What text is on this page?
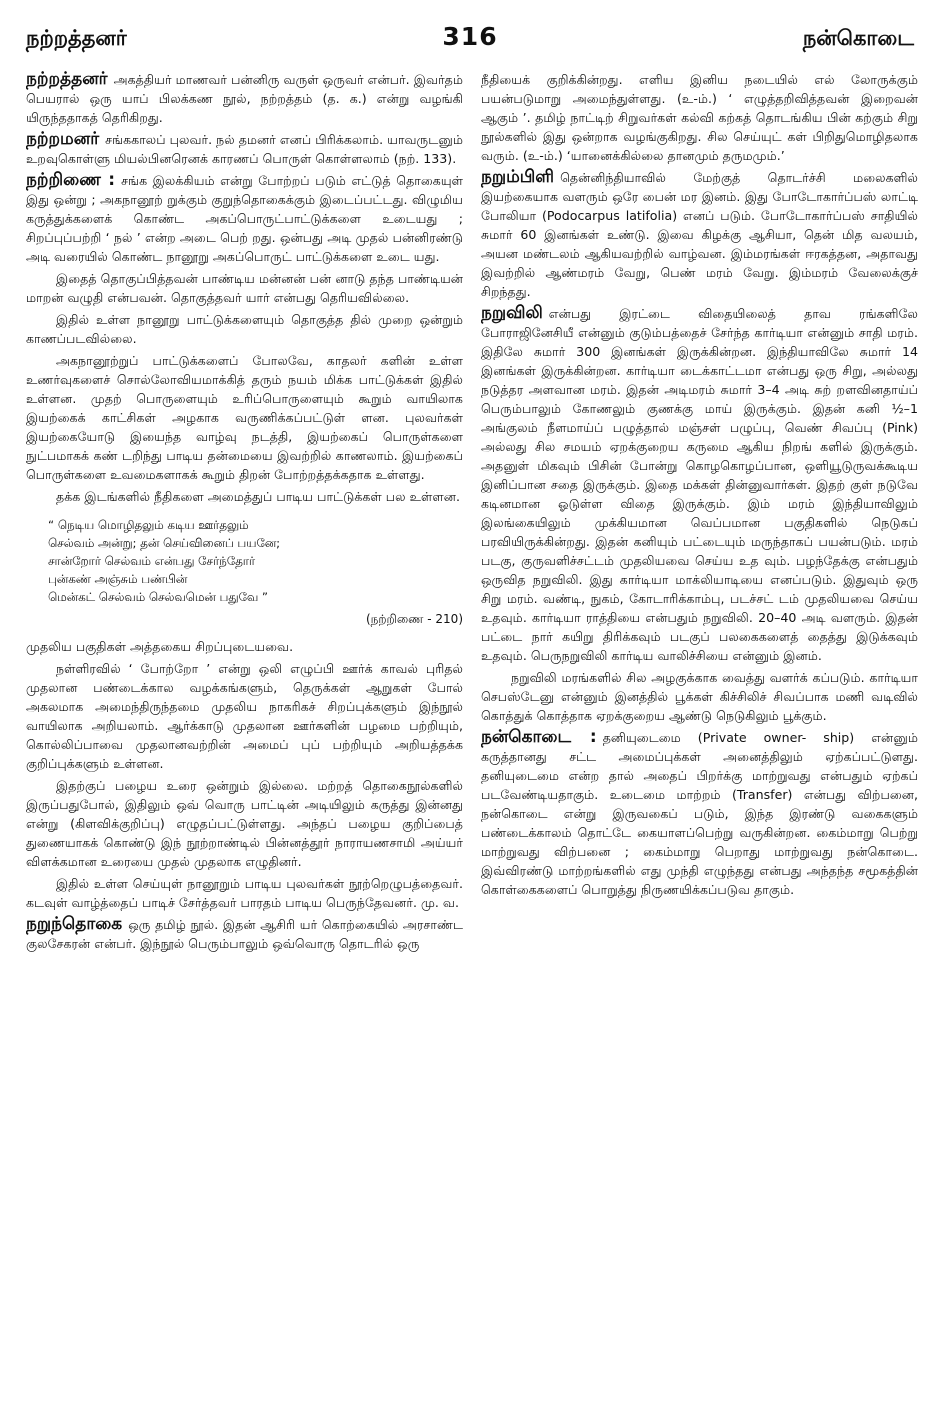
நற்றத்தனர்	316	நன்கொடை

நற்றத்தனர் அகத்தியர் மாணவர் பன்னிரு வருள் ஒருவர் என்பர். இவர்தம் பெயரால் ஒரு யாப் பிலக்கண நூல், நற்றத்தம் (த. க.) என்று வழங்கி யிருந்ததாகத் தெரிகிறது.

நற்றமனர் சங்ககாலப் புலவர். நல் தமனர் எனப் பிரிக்கலாம். யாவருடனும் உறவுகொள்ளு மியல்பினரெனக் காரணப் பொருள் கொள்ளலாம் (நற். 133).

நற்றிணை : சங்க இலக்கியம் என்று போற்றப் படும் எட்டுத் தொகையுள் இது ஒன்று ; அகநானூற் றுக்கும் குறுந்தொகைக்கும் இடைப்பட்டது. விழுமிய கருத்துக்களைக் கொண்ட அகப்பொருட்பாட்டுக்களை உடையது ; சிறப்புப்பற்றி ‘ நல் ’ என்ற அடை பெற் றது. ஒன்பது அடி முதல் பன்னிரண்டு அடி வரையில் கொண்ட நானூறு அகப்பொருட் பாட்டுக்களை உடை யது.

இதைத் தொகுப்பித்தவன் பாண்டிய மன்னன் பன் னாடு தந்த பாண்டியன் மாறன் வழுதி என்பவன். தொகுத்தவர் யார் என்பது தெரியவில்லை.

இதில் உள்ள நானூறு பாட்டுக்களையும் தொகுத்த தில் முறை ஒன்றும் காணப்படவில்லை.

அகநானூற்றுப் பாட்டுக்களைப் போலவே, காதலர் களின் உள்ள உணர்வுகளைச் சொல்லோவியமாக்கித் தரும் நயம் மிக்க பாட்டுக்கள் இதில் உள்ளன. முதற் பொருளையும் உரிப்பொருளையும் கூறும் வாயிலாக இயற்கைக் காட்சிகள் அழகாக வருணிக்கப்பட்டுள் ளன. புலவர்கள் இயற்கையோடு இயைந்த வாழ்வு நடத்தி, இயற்கைப் பொருள்களை நுட்பமாகக் கண் டறிந்து பாடிய தன்மையை இவற்றில் காணலாம். இயற்கைப் பொருள்களை உவமைகளாகக் கூறும் திறன் போற்றத்தக்கதாக உள்ளது.

தக்க இடங்களில் நீதிகளை அமைத்துப் பாடிய பாட்டுக்கள் பல உள்ளன.

“ நெடிய மொழிதலும் கடிய ஊர்தலும்
செல்வம் அன்று; தன் செய்வினைப் பயனே;
சான்றோர் செல்வம் என்பது சேர்ந்தோர்
புன்கண் அஞ்சும் பண்பின்
மென்கட் செல்வம் செல்வமென் பதுவே ”
(நற்றிணை - 210)

முதலிய பகுதிகள் அத்தகைய சிறப்புடையவை.

நள்ளிரவில் ‘ போற்றோ ’ என்று ஒலி எழுப்பி ஊர்க் காவல் புரிதல் முதலான பண்டைக்கால வழக்கங்களும், தெருக்கள் ஆறுகள் போல் அகலமாக அமைந்திருந்தமை முதலிய நாகரிகச் சிறப்புக்களும் இந்நூல் வாயிலாக அறியலாம். ஆர்க்காடு முதலான ஊர்களின் பழமை பற்றியும், கொல்லிப்பாவை முதலானவற்றின் அமைப் புப் பற்றியும் அறியத்தக்க குறிப்புக்களும் உள்ளன.

இதற்குப் பழைய உரை ஒன்றும் இல்லை. மற்றத் தொகைநூல்களில் இருப்பதுபோல், இதிலும் ஒவ் வொரு பாட்டின் அடியிலும் கருத்து இன்னது என்று (கிளவிக்குறிப்பு) எழுதப்பட்டுள்ளது. அந்தப் பழைய குறிப்பைத் துணையாகக் கொண்டு இந் நூற்றாண்டில் பின்னத்தூர் நாராயணசாமி அய்யர் விளக்கமான உரையை முதல் முதலாக எழுதினர்.

இதில் உள்ள செய்யுள் நானூறும் பாடிய புலவர்கள் நூற்றெழுபத்தைவர். கடவுள் வாழ்த்தைப் பாடிச் சேர்த்தவர் பாரதம் பாடிய பெருந்தேவனர். மு. வ.

நறுந்தொகை ஒரு தமிழ் நூல். இதன் ஆசிரி யர் கொற்கையில் அரசாண்ட குலசேகரன் என்பர். இந்நூல் பெரும்பாலும் ஒவ்வொரு தொடரில் ஒரு

நீதியைக் குறிக்கின்றது. எளிய இனிய நடையில் எல் லோருக்கும் பயன்படுமாறு அமைந்துள்ளது. (உ-ம்.) ‘ எழுத்தறிவித்தவன் இறைவன் ஆகும் ’. தமிழ் நாட்டிற் சிறுவர்கள் கல்வி கற்கத் தொடங்கிய பின் கற்கும் சிறு நூல்களில் இது ஒன்றாக வழங்குகிறது. சில செய்யுட் கள் பிறிதுமொழிதலாக வரும். (உ-ம்.) ‘யானைக்கில்லை தானமும் தருமமும்.’

நறும்பிளி தென்னிந்தியாவில் மேற்குத் தொடர்ச்சி மலைகளில் இயற்கையாக வளரும் ஒரே பைன் மர இனம். இது போடோகார்ப்பஸ் லாட்டி போலியா (Podocarpus latifolia) எனப் படும். போடோகார்ப்பஸ் சாதியில் சுமார் 60 இனங்கள் உண்டு. இவை கிழக்கு ஆசியா, தென் மித வலயம், அயன மண்டலம் ஆகியவற்றில் வாழ்வன. இம்மரங்கள் ஈரகத்தன, அதாவது இவற்றில் ஆண்மரம் வேறு, பெண் மரம் வேறு. இம்மரம் வேலைக்குச் சிறந்தது.

நறுவிலி என்பது இரட்டை விதையிலைத் தாவ ரங்களிலே போராஜினேசியீ என்னும் குடும்பத்தைச் சேர்ந்த கார்டியா என்னும் சாதி மரம். இதிலே சுமார் 300 இனங்கள் இருக்கின்றன. இந்தியாவிலே சுமார் 14 இனங்கள் இருக்கின்றன. கார்டியா டைக்காட்டமா என்பது ஒரு சிறு, அல்லது நடுத்தர அளவான மரம். இதன் அடிமரம் சுமார் 3–4 அடி சுற் றளவினதாய்ப் பெரும்பாலும் கோணலும் குணக்கு மாய் இருக்கும். இதன் கனி ½–1 அங்குலம் நீளமாய்ப் பழுத்தால் மஞ்சள் பழுப்பு, வெண் சிவப்பு (Pink) அல்லது சில சமயம் ஏறக்குறைய கருமை ஆகிய நிறங் களில் இருக்கும். அதனுள் மிகவும் பிசின் போன்று கொழகொழப்பான, ஒளியூடுருவக்கூடிய இனிப்பான சதை இருக்கும். இதை மக்கள் தின்னுவார்கள். இதற் குள் நடுவே கடினமான ஓடுள்ள விதை இருக்கும். இம் மரம் இந்தியாவிலும் இலங்கையிலும் முக்கியமான வெப்பமான பகுதிகளில் நெடுகப் பரவியிருக்கின்றது. இதன் கனியும் பட்டையும் மருந்தாகப் பயன்படும். மரம் படகு, குருவளிச்சட்டம் முதலியவை செய்ய உத வும். பழந்தேக்கு என்பதும் ஒருவித நறுவிலி. இது கார்டியா மாக்லியாடியை எனப்படும். இதுவும் ஒரு சிறு மரம். வண்டி, நுகம், கோடாரிக்காம்பு, படச்சட் டம் முதலியவை செய்ய உதவும். கார்டியா ராத்தியை என்பதும் நறுவிலி. 20–40 அடி வளரும். இதன் பட்டை நார் கயிறு திரிக்கவும் படகுப் பலகைகளைத் தைத்து இடுக்கவும் உதவும். பெருநறுவிலி கார்டிய வாலிச்சியை என்னும் இனம்.

நறுவிலி மரங்களில் சில அழகுக்காக வைத்து வளர்க் கப்படும். கார்டியா செபஸ்டேனு என்னும் இனத்தில் பூக்கள் கிச்சிலிச் சிவப்பாக மணி வடிவில் கொத்துக் கொத்தாக ஏறக்குறைய ஆண்டு நெடுகிலும் பூக்கும்.

நன்கொடை : தனியுடைமை (Private owner- ship) என்னும் கருத்தானது சட்ட அமைப்புக்கள் அனைத்திலும் ஏற்கப்பட்டுளது. தனியுடைமை என்ற தால் அதைப் பிறர்க்கு மாற்றுவது என்பதும் ஏற்கப் படவேண்டியதாகும். உடைமை மாற்றம் (Transfer) என்பது விற்பனை, நன்கொடை என்று இருவகைப் படும், இந்த இரண்டு வகைகளும் பண்டைக்காலம் தொட்டே கையாளப்பெற்று வருகின்றன. கைம்மாறு பெற்று மாற்றுவது விற்பனை ; கைம்மாறு பெறாது மாற்றுவது நன்கொடை. இவ்விரண்டு மாற்றங்களில் எது முந்தி எழுந்தது என்பது அந்தந்த சமூகத்தின் கொள்கைகளைப் பொறுத்து நிருணயிக்கப்படுவ தாகும்.
